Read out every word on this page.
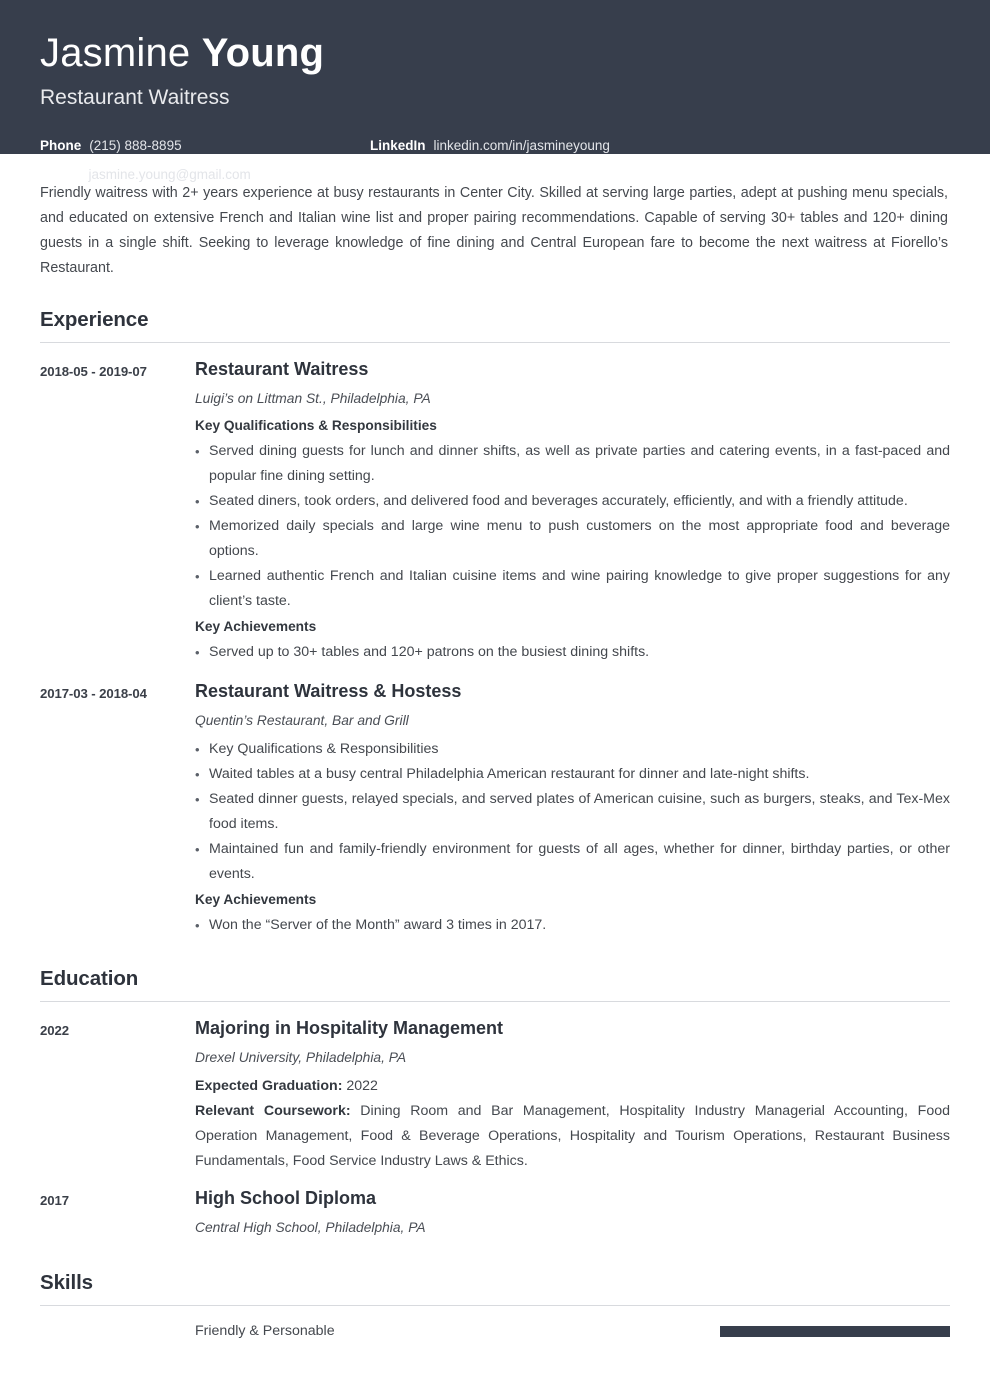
Jasmine Young
Restaurant Waitress
Phone (215) 888-8895	LinkedIn linkedin.com/in/jasmineyoung
E-mail jasmine.young@gmail.com

Friendly waitress with 2+ years experience at busy restaurants in Center City. Skilled at serving large parties, adept at pushing menu specials, and educated on extensive French and Italian wine list and proper pairing recommendations. Capable of serving 30+ tables and 120+ dining guests in a single shift. Seeking to leverage knowledge of fine dining and Central European fare to become the next waitress at Fiorello’s Restaurant.

Experience
2018-05 - 2019-07	Restaurant Waitress
Luigi’s on Littman St., Philadelphia, PA
Key Qualifications & Responsibilities
• Served dining guests for lunch and dinner shifts, as well as private parties and catering events, in a fast-paced and popular fine dining setting.
• Seated diners, took orders, and delivered food and beverages accurately, efficiently, and with a friendly attitude.
• Memorized daily specials and large wine menu to push customers on the most appropriate food and beverage options.
• Learned authentic French and Italian cuisine items and wine pairing knowledge to give proper suggestions for any client’s taste.
Key Achievements
• Served up to 30+ tables and 120+ patrons on the busiest dining shifts.
2017-03 - 2018-04	Restaurant Waitress & Hostess
Quentin’s Restaurant, Bar and Grill
• Key Qualifications & Responsibilities
• Waited tables at a busy central Philadelphia American restaurant for dinner and late-night shifts.
• Seated dinner guests, relayed specials, and served plates of American cuisine, such as burgers, steaks, and Tex-Mex food items.
• Maintained fun and family-friendly environment for guests of all ages, whether for dinner, birthday parties, or other events.
Key Achievements
• Won the “Server of the Month” award 3 times in 2017.
Education
2022	Majoring in Hospitality Management
Drexel University, Philadelphia, PA

Expected Graduation: 2022

Relevant Coursework: Dining Room and Bar Management, Hospitality Industry Managerial Accounting, Food Operation Management, Food & Beverage Operations, Hospitality and Tourism Operations, Restaurant Business Fundamentals, Food Service Industry Laws & Ethics.

2017	High School Diploma
Central High School, Philadelphia, PA
Skills
Friendly & Personable
